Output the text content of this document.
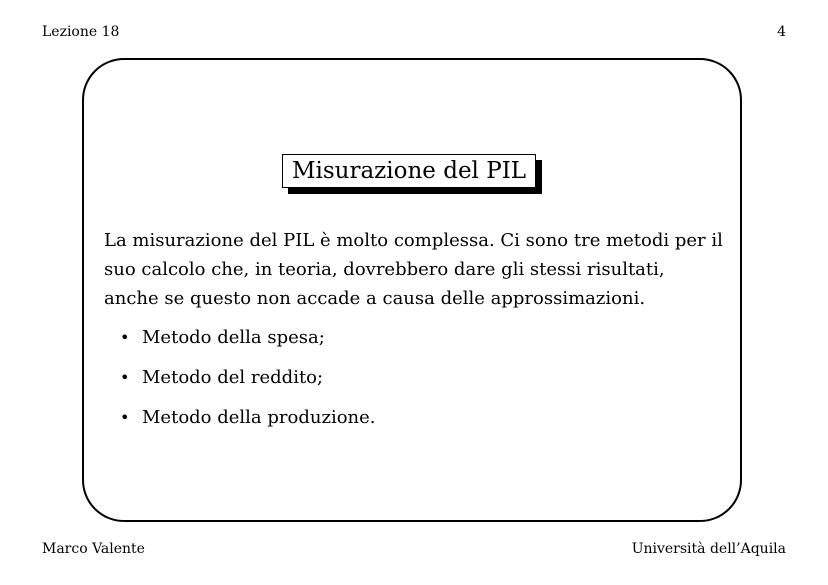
Lezione 18	4
Misurazione del PIL

La misurazione del PIL è molto complessa. Ci sono tre metodi per il suo calcolo che, in teoria, dovrebbero dare gli stessi risultati, anche se questo non accade a causa delle approssimazioni.

• Metodo della spesa;
• Metodo del reddito;
• Metodo della produzione.
Marco Valente	Università dell’Aquila
